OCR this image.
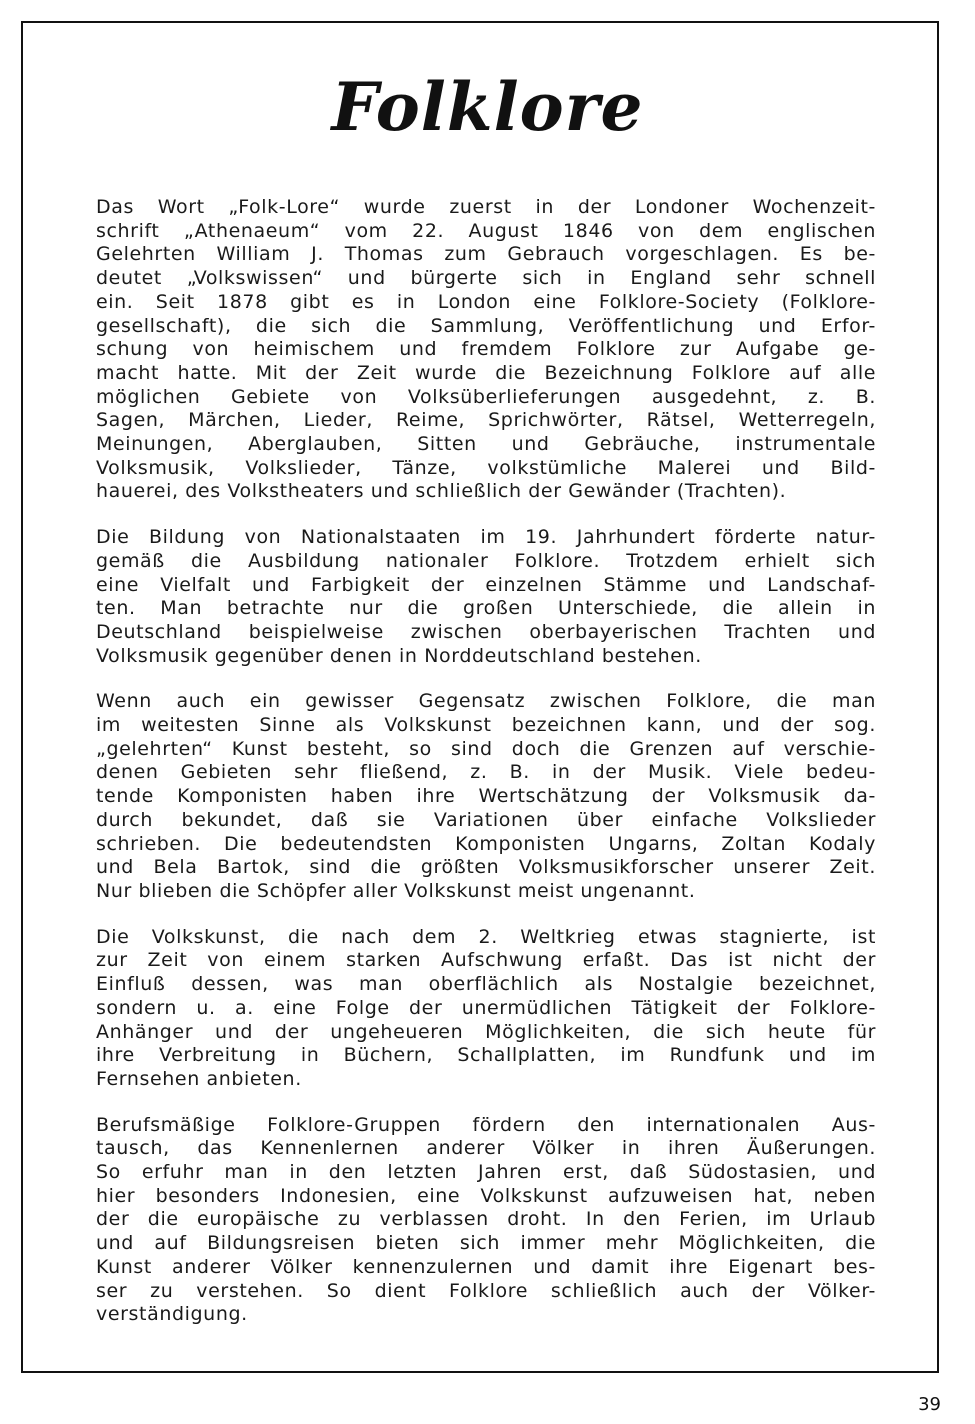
Folklore
Das Wort „Folk-Lore“ wurde zuerst in der Londoner Wochenzeit-
schrift „Athenaeum“ vom 22. August 1846 von dem englischen
Gelehrten William J. Thomas zum Gebrauch vorgeschlagen. Es be-
deutet „Volkswissen“ und bürgerte sich in England sehr schnell
ein. Seit 1878 gibt es in London eine Folklore-Society (Folklore-
gesellschaft), die sich die Sammlung, Veröffentlichung und Erfor-
schung von heimischem und fremdem Folklore zur Aufgabe ge-
macht hatte. Mit der Zeit wurde die Bezeichnung Folklore auf alle
möglichen Gebiete von Volksüberlieferungen ausgedehnt, z. B.
Sagen, Märchen, Lieder, Reime, Sprichwörter, Rätsel, Wetterregeln,
Meinungen, Aberglauben, Sitten und Gebräuche, instrumentale
Volksmusik, Volkslieder, Tänze, volkstümliche Malerei und Bild-
hauerei, des Volkstheaters und schließlich der Gewänder (Trachten).
Die Bildung von Nationalstaaten im 19. Jahrhundert förderte natur-
gemäß die Ausbildung nationaler Folklore. Trotzdem erhielt sich
eine Vielfalt und Farbigkeit der einzelnen Stämme und Landschaf-
ten. Man betrachte nur die großen Unterschiede, die allein in
Deutschland beispielweise zwischen oberbayerischen Trachten und
Volksmusik gegenüber denen in Norddeutschland bestehen.
Wenn auch ein gewisser Gegensatz zwischen Folklore, die man
im weitesten Sinne als Volkskunst bezeichnen kann, und der sog.
„gelehrten“ Kunst besteht, so sind doch die Grenzen auf verschie-
denen Gebieten sehr fließend, z. B. in der Musik. Viele bedeu-
tende Komponisten haben ihre Wertschätzung der Volksmusik da-
durch bekundet, daß sie Variationen über einfache Volkslieder
schrieben. Die bedeutendsten Komponisten Ungarns, Zoltan Kodaly
und Bela Bartok, sind die größten Volksmusikforscher unserer Zeit.
Nur blieben die Schöpfer aller Volkskunst meist ungenannt.
Die Volkskunst, die nach dem 2. Weltkrieg etwas stagnierte, ist
zur Zeit von einem starken Aufschwung erfaßt. Das ist nicht der
Einfluß dessen, was man oberflächlich als Nostalgie bezeichnet,
sondern u. a. eine Folge der unermüdlichen Tätigkeit der Folklore-
Anhänger und der ungeheueren Möglichkeiten, die sich heute für
ihre Verbreitung in Büchern, Schallplatten, im Rundfunk und im
Fernsehen anbieten.
Berufsmäßige Folklore-Gruppen fördern den internationalen Aus-
tausch, das Kennenlernen anderer Völker in ihren Äußerungen.
So erfuhr man in den letzten Jahren erst, daß Südostasien, und
hier besonders Indonesien, eine Volkskunst aufzuweisen hat, neben
der die europäische zu verblassen droht. In den Ferien, im Urlaub
und auf Bildungsreisen bieten sich immer mehr Möglichkeiten, die
Kunst anderer Völker kennenzulernen und damit ihre Eigenart bes-
ser zu verstehen. So dient Folklore schließlich auch der Völker-
verständigung.
39
